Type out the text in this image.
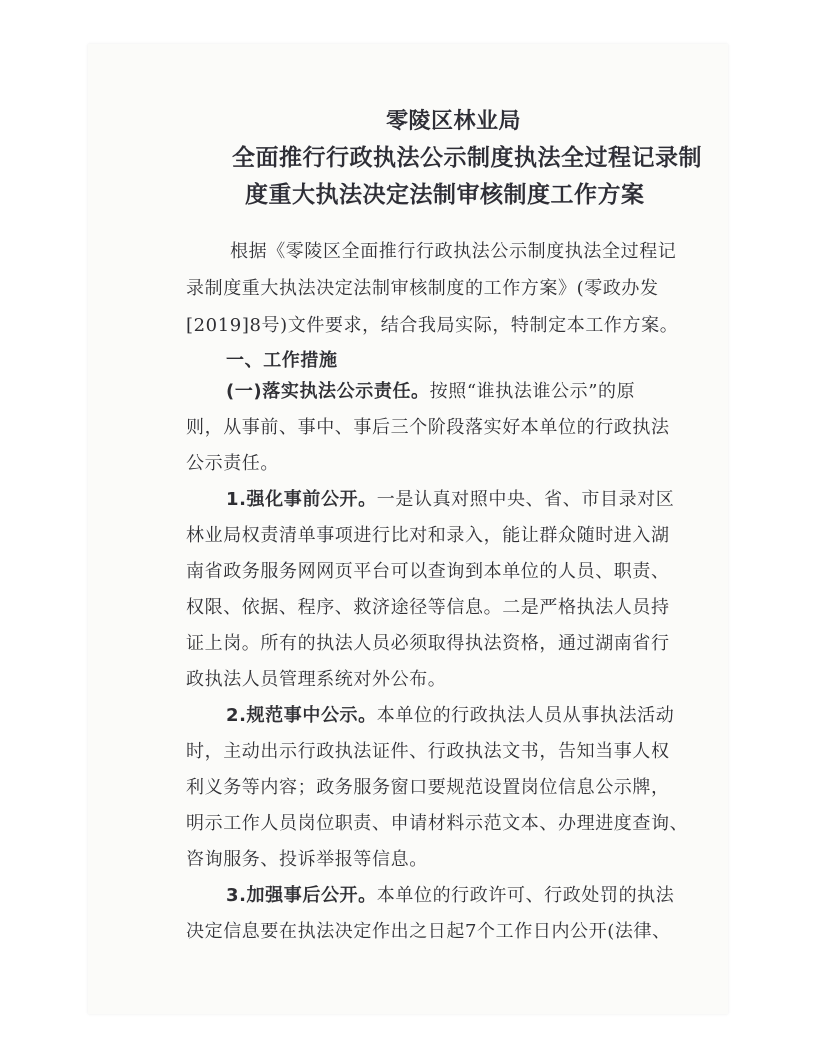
零陵区林业局
全面推行行政执法公示制度执法全过程记录制
度重大执法决定法制审核制度工作方案
根据《零陵区全面推行行政执法公示制度执法全过程记
录制度重大执法决定法制审核制度的工作方案》(零政办发
[2019]8号)文件要求，结合我局实际，特制定本工作方案。
一、工作措施
(一)落实执法公示责任。按照“谁执法谁公示”的原
则，从事前、事中、事后三个阶段落实好本单位的行政执法
公示责任。
1.强化事前公开。一是认真对照中央、省、市目录对区
林业局权责清单事项进行比对和录入，能让群众随时进入湖
南省政务服务网网页平台可以查询到本单位的人员、职责、
权限、依据、程序、救济途径等信息。二是严格执法人员持
证上岗。所有的执法人员必须取得执法资格，通过湖南省行
政执法人员管理系统对外公布。
2.规范事中公示。本单位的行政执法人员从事执法活动
时，主动出示行政执法证件、行政执法文书，告知当事人权
利义务等内容；政务服务窗口要规范设置岗位信息公示牌，
明示工作人员岗位职责、申请材料示范文本、办理进度查询、
咨询服务、投诉举报等信息。
3.加强事后公开。本单位的行政许可、行政处罚的执法
决定信息要在执法决定作出之日起7个工作日内公开(法律、
